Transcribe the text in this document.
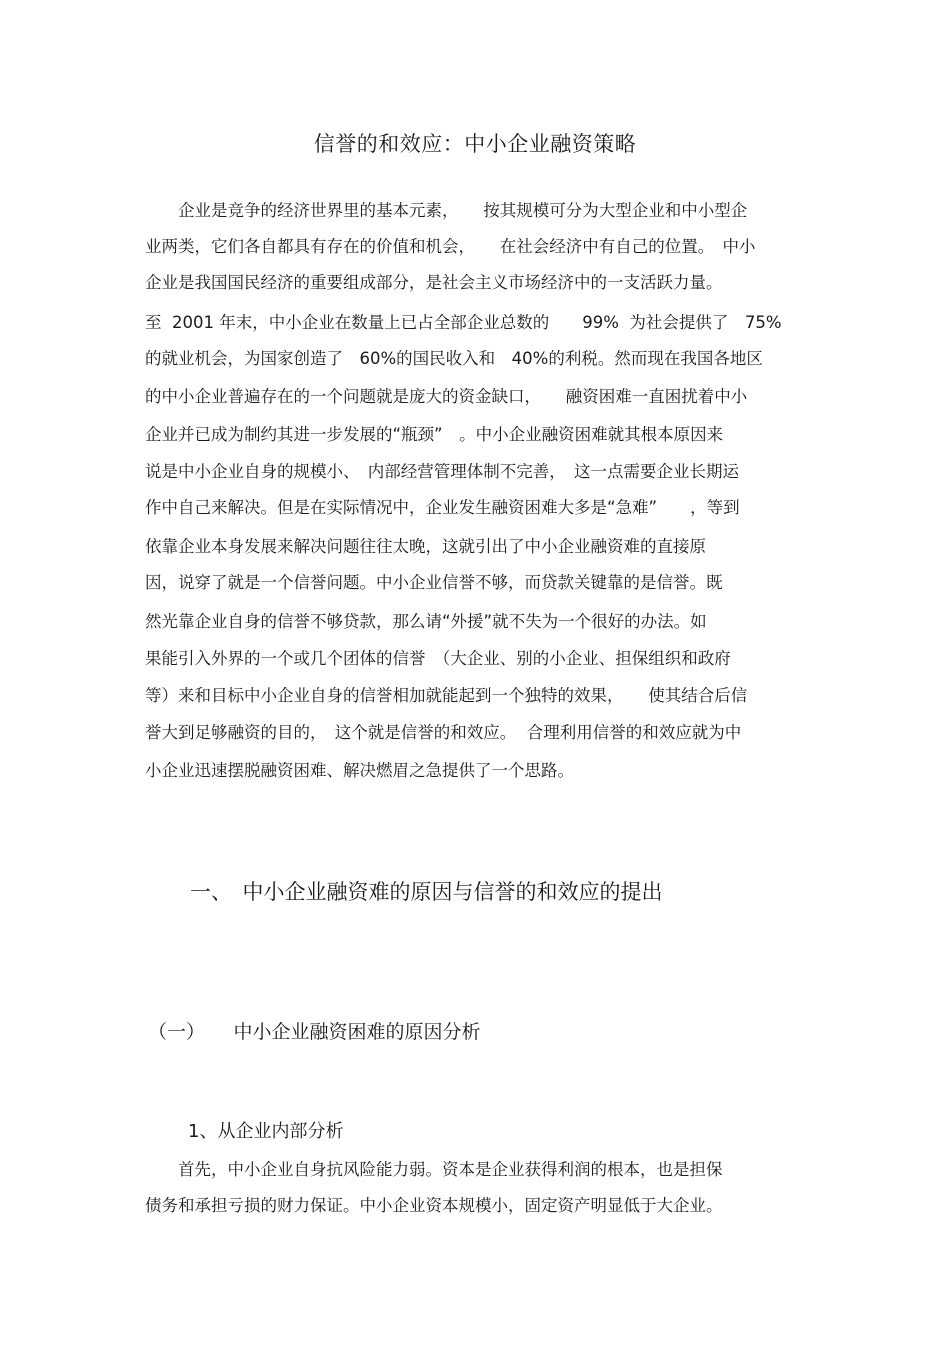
信誉的和效应：中小企业融资策略
　　企业是竞争的经济世界里的基本元素，　　按其规模可分为大型企业和中小型企
业两类，它们各自都具有存在的价值和机会，　　在社会经济中有自己的位置。　中小
企业是我国国民经济的重要组成部分，是社会主义市场经济中的一支活跃力量。
至  2001 年末，中小企业在数量上已占全部企业总数的　　99%  为社会提供了　75%
的就业机会，为国家创造了　60%的国民收入和　40%的利税。然而现在我国各地区
的中小企业普遍存在的一个问题就是庞大的资金缺口，　　融资困难一直困扰着中小
企业并已成为制约其进一步发展的“瓶颈”　。中小企业融资困难就其根本原因来
说是中小企业自身的规模小、　内部经营管理体制不完善，　这一点需要企业长期运
作中自己来解决。但是在实际情况中，企业发生融资困难大多是“急难”　　，等到
依靠企业本身发展来解决问题往往太晚，这就引出了中小企业融资难的直接原
因，说穿了就是一个信誉问题。中小企业信誉不够，而贷款关键靠的是信誉。既
然光靠企业自身的信誉不够贷款，那么请“外援”就不失为一个很好的办法。如
果能引入外界的一个或几个团体的信誉　（大企业、别的小企业、担保组织和政府
等）来和目标中小企业自身的信誉相加就能起到一个独特的效果，　　使其结合后信
誉大到足够融资的目的，　这个就是信誉的和效应。  合理利用信誉的和效应就为中
小企业迅速摆脱融资困难、解决燃眉之急提供了一个思路。
一、　中小企业融资难的原因与信誉的和效应的提出
（一）　　中小企业融资困难的原因分析
1、从企业内部分析
　　首先，中小企业自身抗风险能力弱。资本是企业获得利润的根本，也是担保
债务和承担亏损的财力保证。中小企业资本规模小，固定资产明显低于大企业。
